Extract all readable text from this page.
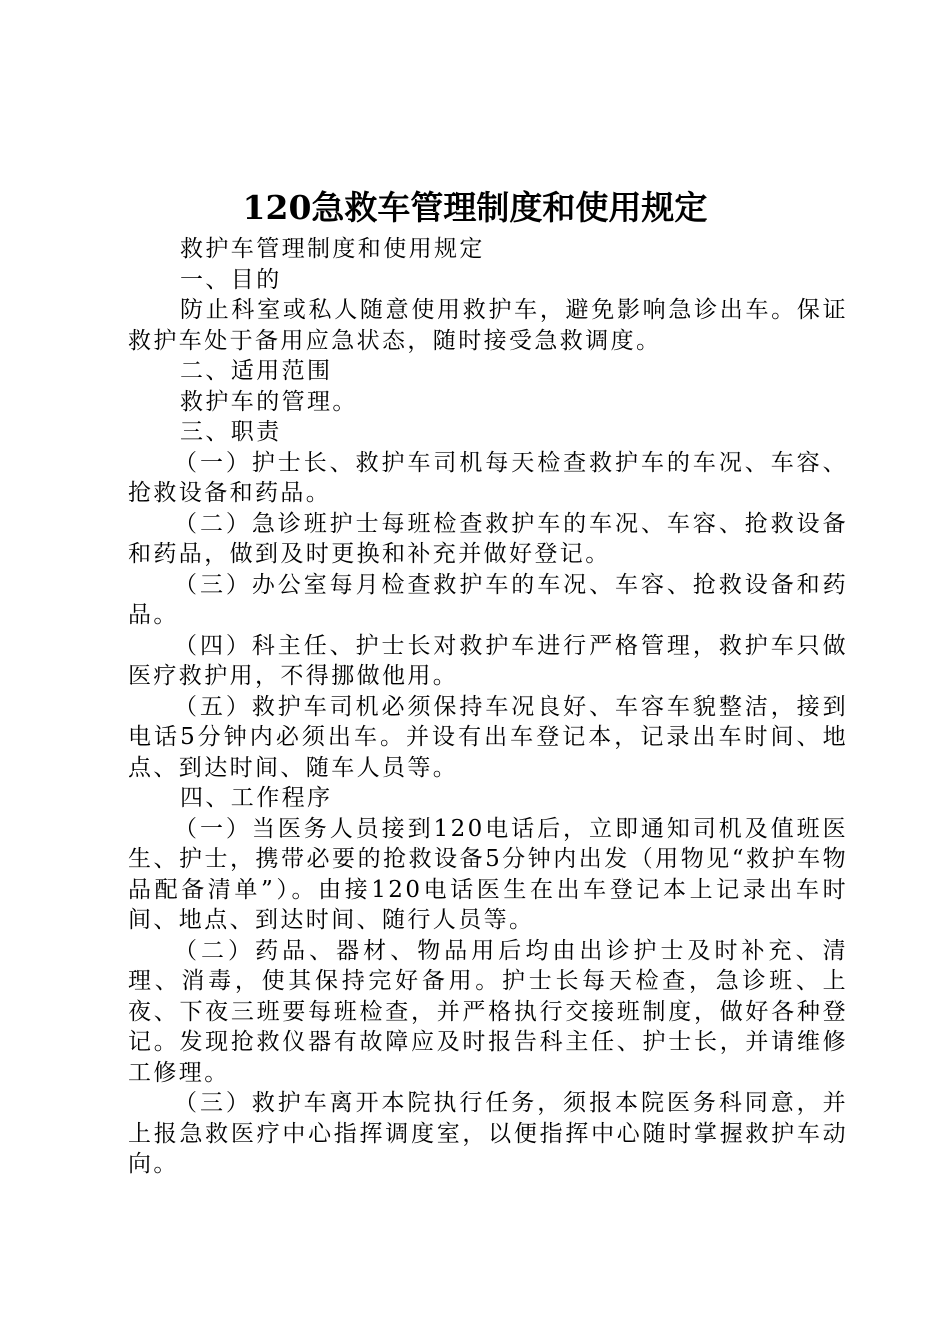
120急救车管理制度和使用规定

救护车管理制度和使用规定

一、目的

防止科室或私人随意使用救护车，避免影响急诊出车。保证救护车处于备用应急状态，随时接受急救调度。

二、适用范围

救护车的管理。

三、职责

（一）护士长、救护车司机每天检查救护车的车况、车容、抢救设备和药品。

（二）急诊班护士每班检查救护车的车况、车容、抢救设备和药品，做到及时更换和补充并做好登记。

（三）办公室每月检查救护车的车况、车容、抢救设备和药品。

（四）科主任、护士长对救护车进行严格管理，救护车只做医疗救护用，不得挪做他用。

（五）救护车司机必须保持车况良好、车容车貌整洁，接到电话5分钟内必须出车。并设有出车登记本，记录出车时间、地点、到达时间、随车人员等。

四、工作程序

（一）当医务人员接到120电话后，立即通知司机及值班医生、护士，携带必要的抢救设备5分钟内出发（用物见“救护车物品配备清单”）。由接120电话医生在出车登记本上记录出车时间、地点、到达时间、随行人员等。

（二）药品、器材、物品用后均由出诊护士及时补充、清理、消毒，使其保持完好备用。护士长每天检查，急诊班、上夜、下夜三班要每班检查，并严格执行交接班制度，做好各种登记。发现抢救仪器有故障应及时报告科主任、护士长，并请维修工修理。

（三）救护车离开本院执行任务，须报本院医务科同意，并上报急救医疗中心指挥调度室，以便指挥中心随时掌握救护车动向。
